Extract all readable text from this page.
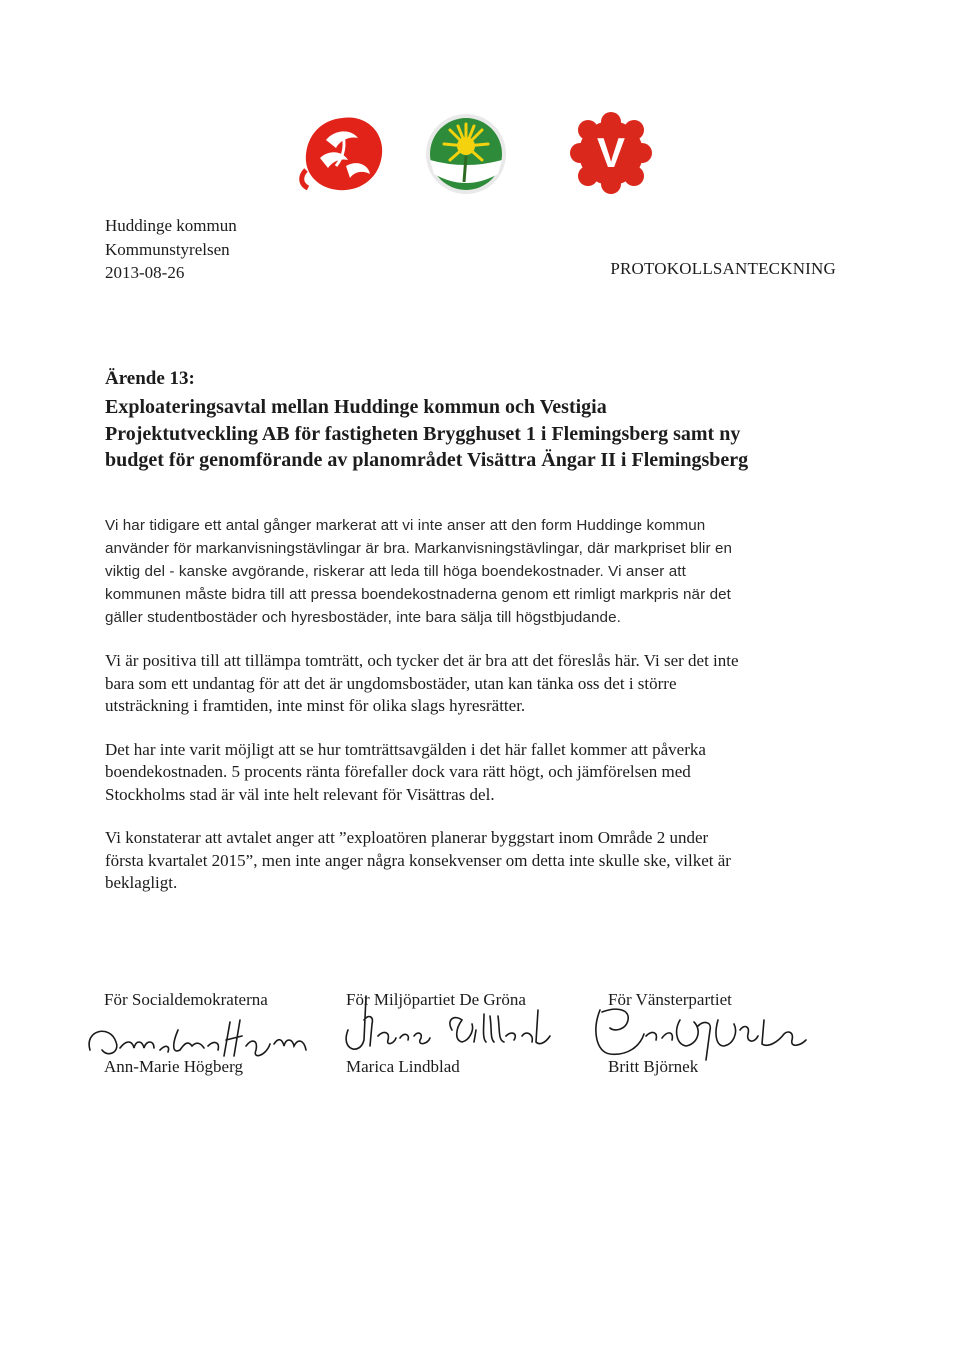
V
Huddinge kommun
Kommunstyrelsen
2013-08-26	PROTOKOLLSANTECKNING
Ärende 13:
Exploateringsavtal mellan Huddinge kommun och Vestigia
Projektutveckling AB för fastigheten Brygghuset 1 i Flemingsberg samt ny
budget för genomförande av planområdet Visättra Ängar II i Flemingsberg
Vi har tidigare ett antal gånger markerat att vi inte anser att den form Huddinge kommun
använder för markanvisningstävlingar är bra. Markanvisningstävlingar, där markpriset blir en
viktig del - kanske avgörande, riskerar att leda till höga boendekostnader. Vi anser att
kommunen måste bidra till att pressa boendekostnaderna genom ett rimligt markpris när det
gäller studentbostäder och hyresbostäder, inte bara sälja till högstbjudande.
Vi är positiva till att tillämpa tomträtt, och tycker det är bra att det föreslås här. Vi ser det inte
bara som ett undantag för att det är ungdomsbostäder, utan kan tänka oss det i större
utsträckning i framtiden, inte minst för olika slags hyresrätter.
Det har inte varit möjligt att se hur tomträttsavgälden i det här fallet kommer att påverka
boendekostnaden. 5 procents ränta förefaller dock vara rätt högt, och jämförelsen med
Stockholms stad är väl inte helt relevant för Visättras del.
Vi konstaterar att avtalet anger att ”exploatören planerar byggstart inom Område 2 under
första kvartalet 2015”, men inte anger några konsekvenser om detta inte skulle ske, vilket är
beklagligt.
För Socialdemokraterna
Ann-Marie Högberg
För Miljöpartiet De Gröna
Marica Lindblad
För Vänsterpartiet
Britt Björnek
